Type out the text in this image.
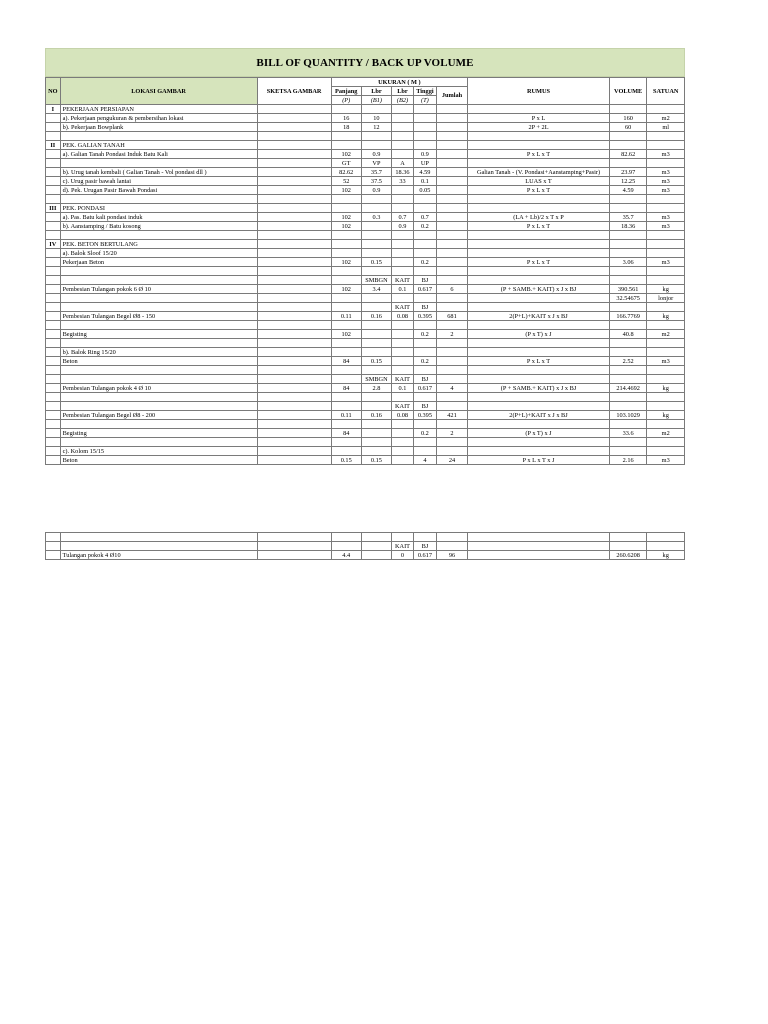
BILL OF QUANTITY / BACK UP VOLUME
NO	LOKASI GAMBAR	SKETSA GAMBAR	UKURAN ( M )					RUMUS	VOLUME	SATUAN
			Panjang	Lbr	Lbr	Tinggi	Jumlah			
			(P)	(B1)	(B2)	(T)				
I	PEKERJAAN PERSIAPAN									
	a). Pekerjaan pengukuran & pembersihan lokasi		16	10				P x L	160	m2
	b). Pekerjaan Bowplank		18	12				2P + 2L	60	ml

II	PEK. GALIAN TANAH									
	a). Galian Tanah Pondasi Induk Batu Kali		102	0.9		0.9		P x L x T	82.62	m3
			GT	VP	A	UP				
	b). Urug tanah kembali ( Galian Tanah - Vol pondasi dll )		82.62	35.7	18.36	4.59		Galian Tanah - (V. Pondasi+Aanstamping+Pasir)	23.97	m3
	c). Urug pasir bawah lantai		52	37.5	33	0.1		LUAS x T	12.25	m3
	d). Pek. Urugan Pasir Bawah Pondasi		102	0.9		0.05		P x L x T	4.59	m3

III	PEK. PONDASI									
	a). Pas. Batu kali pondasi induk		102	0.3	0.7	0.7		(LA + Lb)/2 x T x P	35.7	m3
	b). Aanstamping / Batu kosong		102		0.9	0.2		P x L x T	18.36	m3

IV	PEK. BETON BERTULANG									
	a). Balok Sloof 15/20									
	Pekerjaan Beton		102	0.15		0.2		P x L x T	3.06	m3

				SMBGN	KAIT	BJ				
	Pembesian Tulangan pokok 6 Ø 10		102	3.4	0.1	0.617	6	(P + SAMB.+ KAIT) x J x BJ	390.561	kg
									32.54675	lonjor
					KAIT	BJ				
	Pembesian Tulangan Begel Ø8 - 150		0.11	0.16	0.08	0.395	681	2(P+L)+KAIT x J x BJ	166.7769	kg

	Begisting		102			0.2	2	(P x T) x J	40.8	m2

	b). Balok Ring 15/20									
	Beton		84	0.15		0.2		P x L x T	2.52	m3

				SMBGN	KAIT	BJ				
	Pembesian Tulangan pokok 4 Ø 10		84	2.8	0.1	0.617	4	(P + SAMB.+ KAIT) x J x BJ	214.4692	kg

					KAIT	BJ				
	Pembesian Tulangan Begel Ø8 - 200		0.11	0.16	0.08	0.395	421	2(P+L)+KAIT x J x BJ	103.1029	kg

	Begisting		84			0.2	2	(P x T) x J	33.6	m2

	c). Kolom 15/15									
	Beton		0.15	0.15		4	24	P x L x T x J	2.16	m3

					KAIT	BJ				
	Tulangan pokok 4 Ø10		4.4		0	0.617	96		260.6208	kg
